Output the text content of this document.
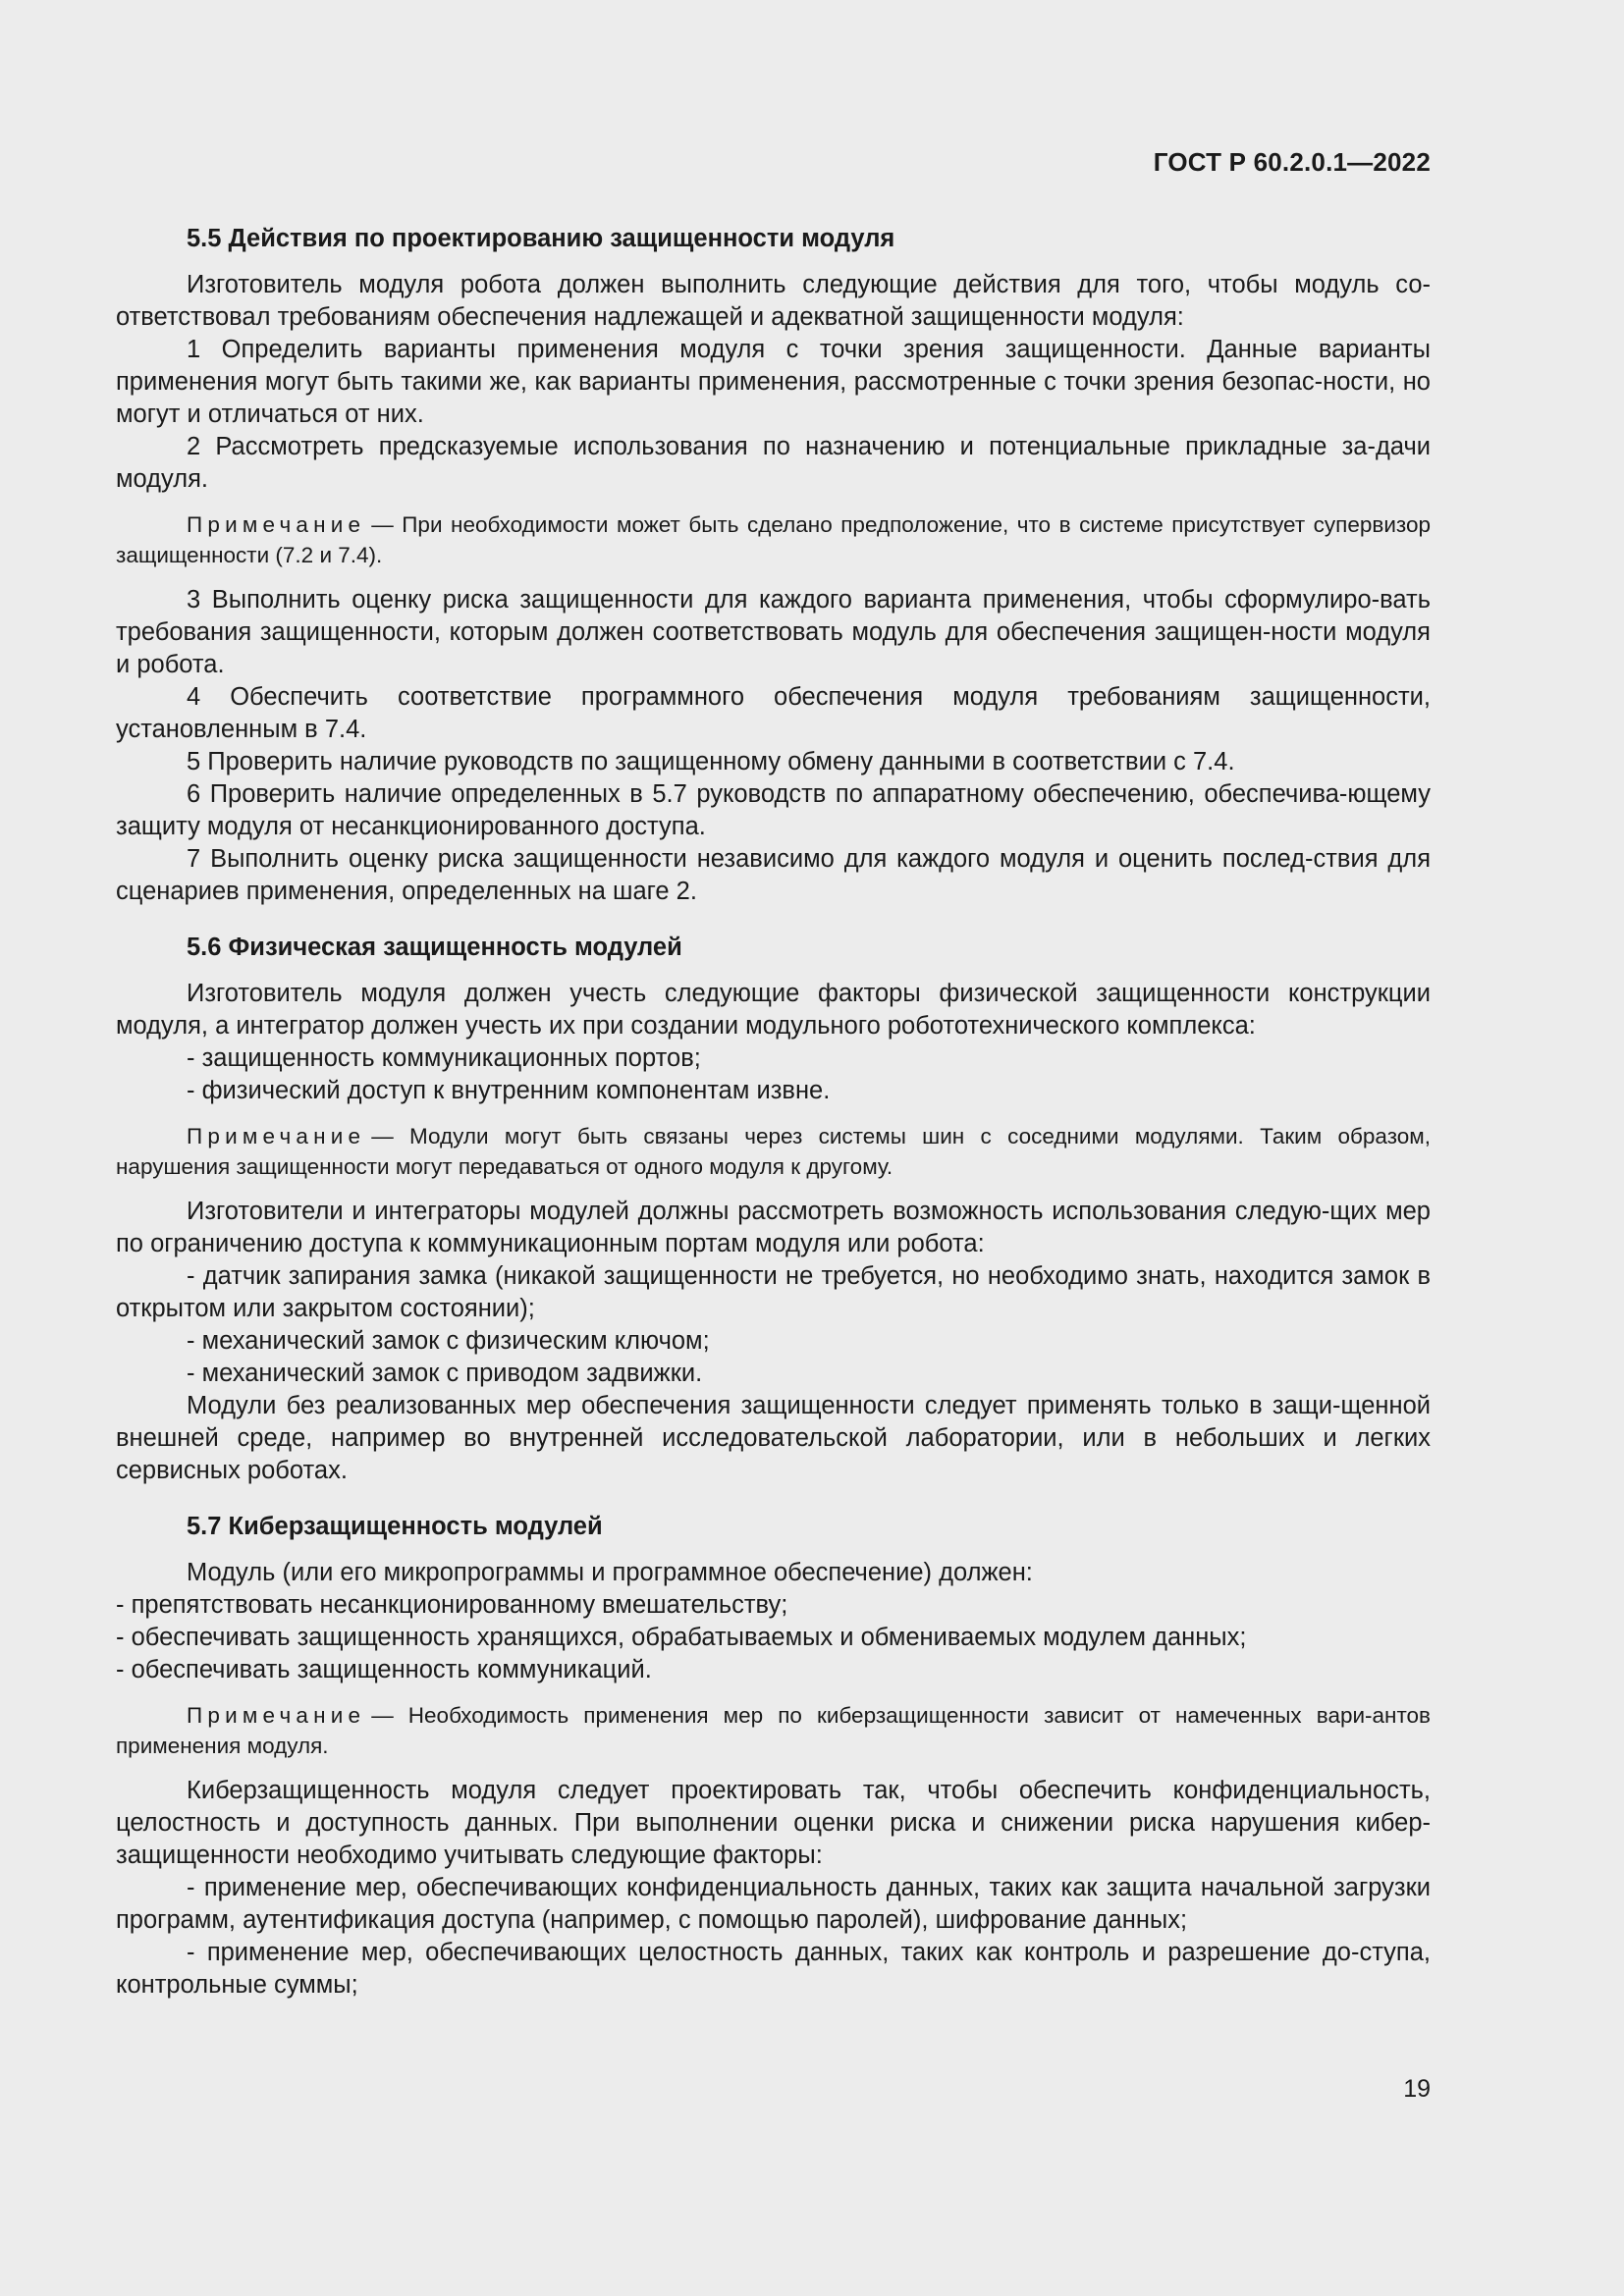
ГОСТ Р 60.2.0.1—2022

5.5 Действия по проектированию защищенности модуля

Изготовитель модуля робота должен выполнить следующие действия для того, чтобы модуль со-ответствовал требованиям обеспечения надлежащей и адекватной защищенности модуля:

1 Определить варианты применения модуля с точки зрения защищенности. Данные варианты применения могут быть такими же, как варианты применения, рассмотренные с точки зрения безопас-ности, но могут и отличаться от них.

2 Рассмотреть предсказуемые использования по назначению и потенциальные прикладные за-дачи модуля.

Примечание — При необходимости может быть сделано предположение, что в системе присутствует супервизор защищенности (7.2 и 7.4).

3 Выполнить оценку риска защищенности для каждого варианта применения, чтобы сформулиро-вать требования защищенности, которым должен соответствовать модуль для обеспечения защищен-ности модуля и робота.

4 Обеспечить соответствие программного обеспечения модуля требованиям защищенности, установленным в 7.4.

5 Проверить наличие руководств по защищенному обмену данными в соответствии с 7.4.

6 Проверить наличие определенных в 5.7 руководств по аппаратному обеспечению, обеспечива-ющему защиту модуля от несанкционированного доступа.

7 Выполнить оценку риска защищенности независимо для каждого модуля и оценить послед-ствия для сценариев применения, определенных на шаге 2.

5.6 Физическая защищенность модулей

Изготовитель модуля должен учесть следующие факторы физической защищенности конструкции модуля, а интегратор должен учесть их при создании модульного робототехнического комплекса:

- защищенность коммуникационных портов;

- физический доступ к внутренним компонентам извне.

Примечание — Модули могут быть связаны через системы шин с соседними модулями. Таким образом, нарушения защищенности могут передаваться от одного модуля к другому.

Изготовители и интеграторы модулей должны рассмотреть возможность использования следую-щих мер по ограничению доступа к коммуникационным портам модуля или робота:

- датчик запирания замка (никакой защищенности не требуется, но необходимо знать, находится замок в открытом или закрытом состоянии);

- механический замок с физическим ключом;

- механический замок с приводом задвижки.

Модули без реализованных мер обеспечения защищенности следует применять только в защи-щенной внешней среде, например во внутренней исследовательской лаборатории, или в небольших и легких сервисных роботах.

5.7 Киберзащищенность модулей

Модуль (или его микропрограммы и программное обеспечение) должен:

- препятствовать несанкционированному вмешательству;

- обеспечивать защищенность хранящихся, обрабатываемых и обмениваемых модулем данных;

- обеспечивать защищенность коммуникаций.

Примечание — Необходимость применения мер по киберзащищенности зависит от намеченных вари-антов применения модуля.

Киберзащищенность модуля следует проектировать так, чтобы обеспечить конфиденциальность, целостность и доступность данных. При выполнении оценки риска и снижении риска нарушения кибер-защищенности необходимо учитывать следующие факторы:

- применение мер, обеспечивающих конфиденциальность данных, таких как защита начальной загрузки программ, аутентификация доступа (например, с помощью паролей), шифрование данных;

- применение мер, обеспечивающих целостность данных, таких как контроль и разрешение до-ступа, контрольные суммы;

19
